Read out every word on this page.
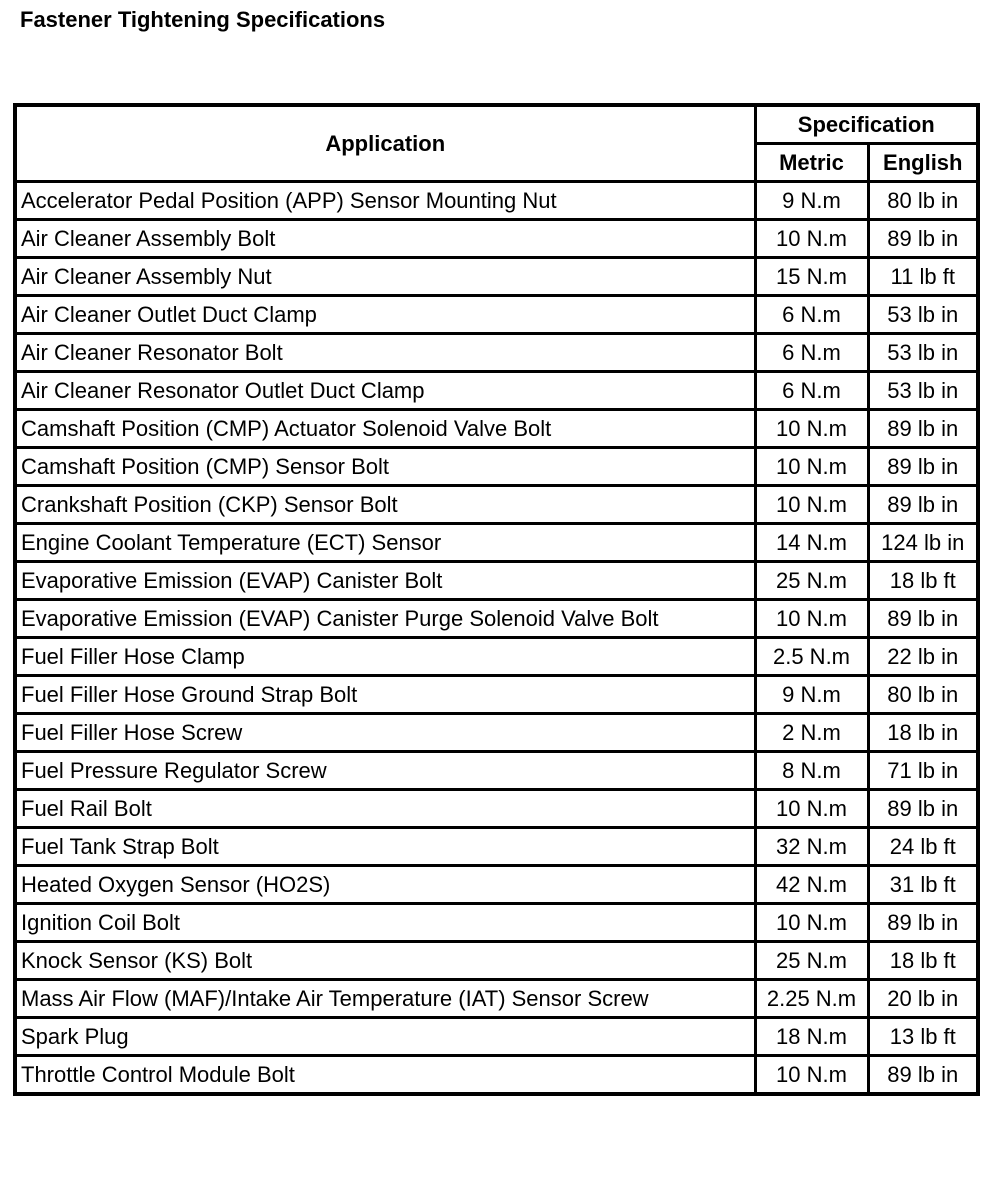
Fastener Tightening Specifications
Application	Specification	
	Metric	English
Accelerator Pedal Position (APP) Sensor Mounting Nut	9 N.m	80 lb in
Air Cleaner Assembly Bolt	10 N.m	89 lb in
Air Cleaner Assembly Nut	15 N.m	11 lb ft
Air Cleaner Outlet Duct Clamp	6 N.m	53 lb in
Air Cleaner Resonator Bolt	6 N.m	53 lb in
Air Cleaner Resonator Outlet Duct Clamp	6 N.m	53 lb in
Camshaft Position (CMP) Actuator Solenoid Valve Bolt	10 N.m	89 lb in
Camshaft Position (CMP) Sensor Bolt	10 N.m	89 lb in
Crankshaft Position (CKP) Sensor Bolt	10 N.m	89 lb in
Engine Coolant Temperature (ECT) Sensor	14 N.m	124 lb in
Evaporative Emission (EVAP) Canister Bolt	25 N.m	18 lb ft
Evaporative Emission (EVAP) Canister Purge Solenoid Valve Bolt	10 N.m	89 lb in
Fuel Filler Hose Clamp	2.5 N.m	22 lb in
Fuel Filler Hose Ground Strap Bolt	9 N.m	80 lb in
Fuel Filler Hose Screw	2 N.m	18 lb in
Fuel Pressure Regulator Screw	8 N.m	71 lb in
Fuel Rail Bolt	10 N.m	89 lb in
Fuel Tank Strap Bolt	32 N.m	24 lb ft
Heated Oxygen Sensor (HO2S)	42 N.m	31 lb ft
Ignition Coil Bolt	10 N.m	89 lb in
Knock Sensor (KS) Bolt	25 N.m	18 lb ft
Mass Air Flow (MAF)/Intake Air Temperature (IAT) Sensor Screw	2.25 N.m	20 lb in
Spark Plug	18 N.m	13 lb ft
Throttle Control Module Bolt	10 N.m	89 lb in
